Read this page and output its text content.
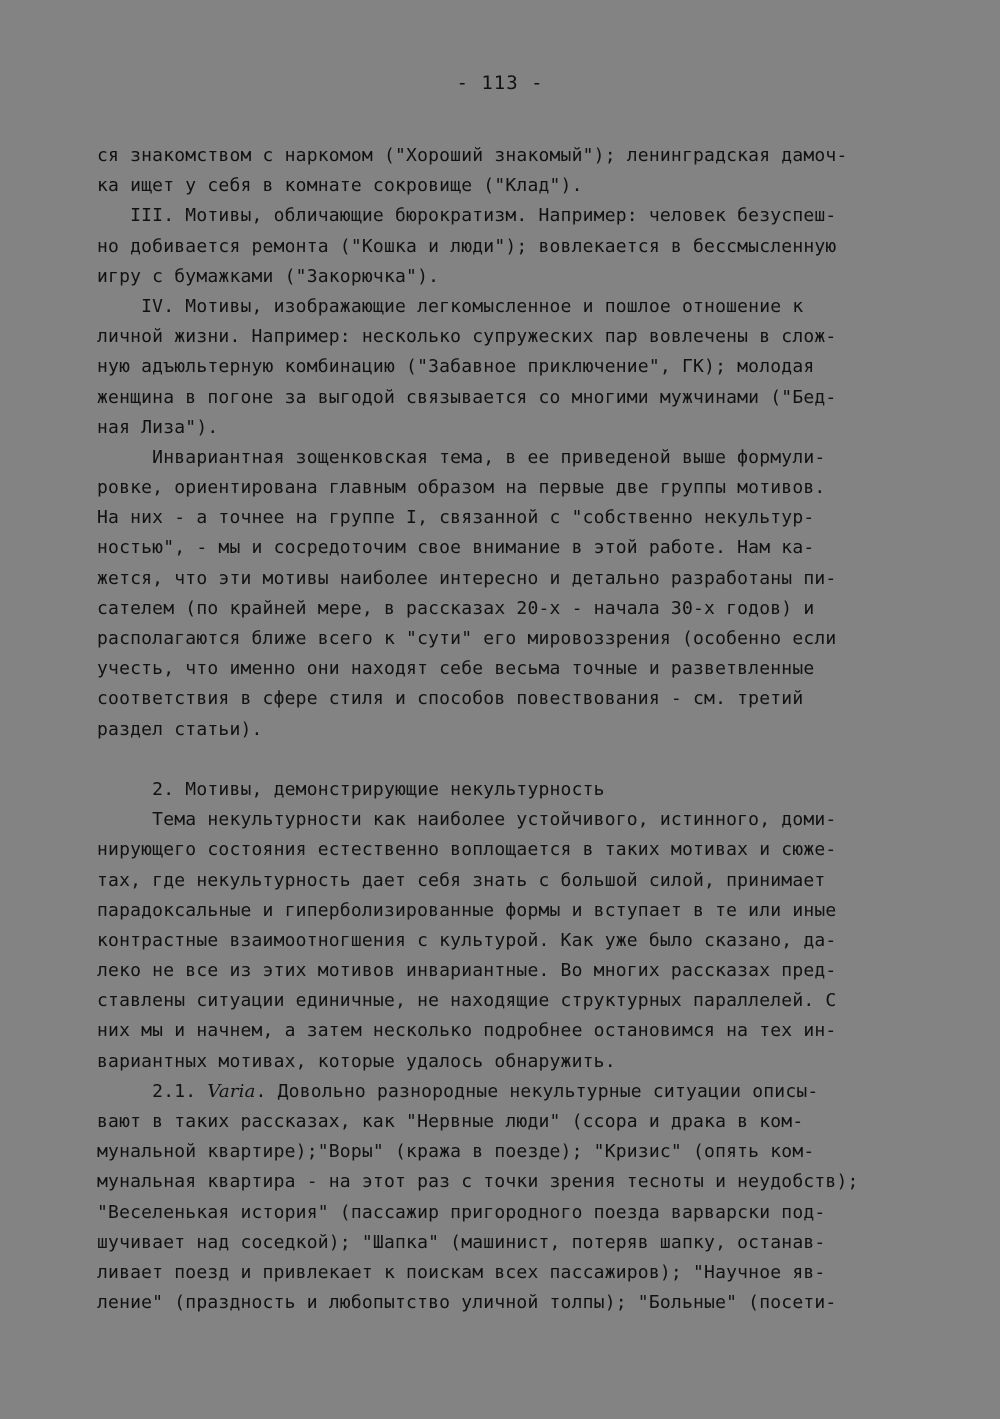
- 113 -
ся знакомством с наркомом ("Хороший знакомый"); ленинградская дамоч-
ка ищет у себя в комнате сокровище ("Клад").
III. Мотивы, обличающие бюрократизм. Например: человек безуспеш-
но добивается ремонта ("Кошка и люди"); вовлекается в бессмысленную
игру с бумажками ("Закорючка").
IV. Мотивы, изображающие легкомысленное и пошлое отношение к
личной жизни. Например: несколько супружеских пар вовлечены в слож-
ную адъюльтерную комбинацию ("Забавное приключение", ГК); молодая
женщина в погоне за выгодой связывается со многими мужчинами ("Бед-
ная Лиза").
Инвариантная зощенковская тема, в ее приведеной выше формули-
ровке, ориентирована главным образом на первые две группы мотивов.
На них - а точнее на группе I, связанной с "собственно некультур-
ностью", - мы и сосредоточим свое внимание в этой работе. Нам ка-
жется, что эти мотивы наиболее интересно и детально разработаны пи-
сателем (по крайней мере, в рассказах 20-х - начала 30-х годов) и
располагаются ближе всего к "сути" его мировоззрения (особенно если
учесть, что именно они находят себе весьма точные и разветвленные
соответствия в сфере стиля и способов повествования - см. третий
раздел статьи).
2. Мотивы, демонстрирующие некультурность
Тема некультурности как наиболее устойчивого, истинного, доми-
нирующего состояния естественно воплощается в таких мотивах и сюже-
тах, где некультурность дает себя знать с большой силой, принимает
парадоксальные и гиперболизированные формы и вступает в те или иные
контрастные взаимоотногшения с культурой. Как уже было сказано, да-
леко не все из этих мотивов инвариантные. Во многих рассказах пред-
ставлены ситуации единичные, не находящие структурных параллелей. С
них мы и начнем, а затем несколько подробнее остановимся на тех ин-
вариантных мотивах, которые удалось обнаружить.
2.1. Varia. Довольно разнородные некультурные ситуации описы-
вают в таких рассказах, как "Нервные люди" (ссора и драка в ком-
мунальной квартире);"Воры" (кража в поезде); "Кризис" (опять ком-
мунальная квартира - на этот раз с точки зрения тесноты и неудобств);
"Веселенькая история" (пассажир пригородного поезда варварски под-
шучивает над соседкой); "Шапка" (машинист, потеряв шапку, останав-
ливает поезд и привлекает к поискам всех пассажиров); "Научное яв-
ление" (праздность и любопытство уличной толпы); "Больные" (посети-
